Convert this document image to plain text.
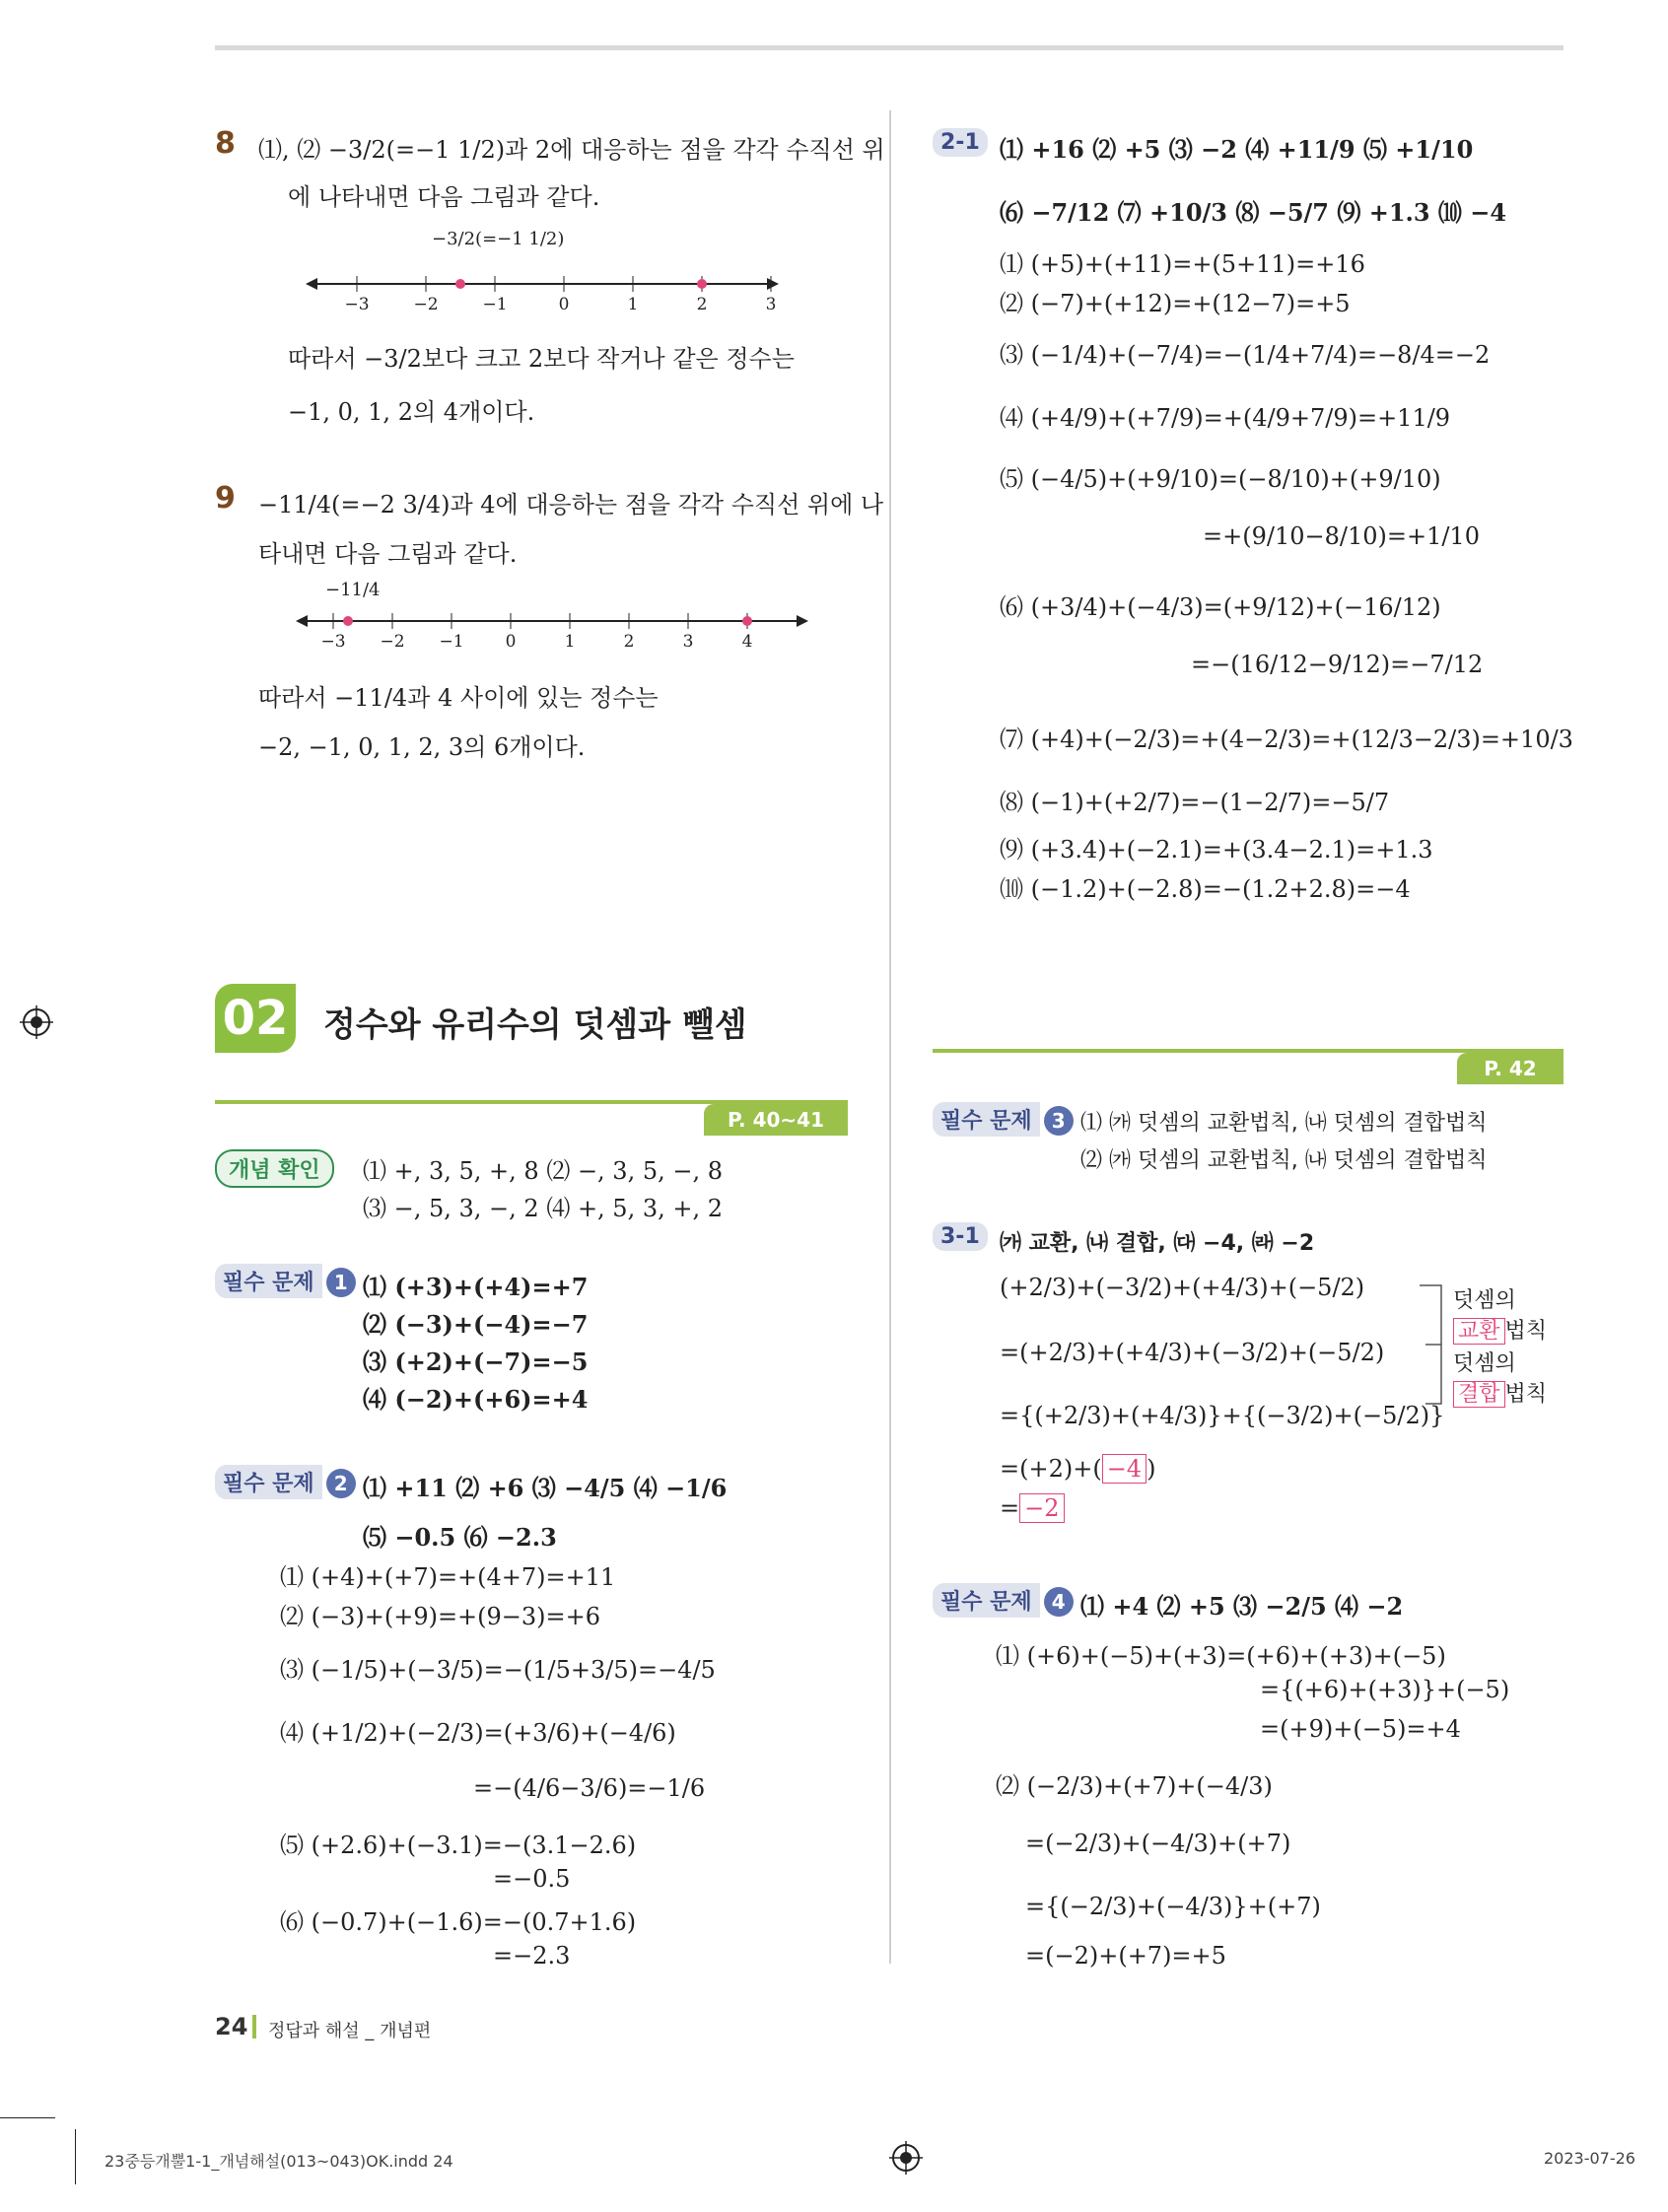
8 ⑴, ⑵ −3/2(=−1 1/2)과 2에 대응하는 점을 각각 수직선 위
에 나타내면 다음 그림과 같다.
−3/2(=−1 1/2)
−3	−2	−1	0	1	2	3
따라서 −3/2보다 크고 2보다 작거나 같은 정수는
−1, 0, 1, 2의 4개이다.
9 −11/4(=−2 3/4)과 4에 대응하는 점을 각각 수직선 위에 나
타내면 다음 그림과 같다.
−11/4
−3 −2 −1 0	1	2	3	4
따라서 −11/4과 4 사이에 있는 정수는
−2, −1, 0, 1, 2, 3의 6개이다.
02 정수와 유리수의 덧셈과 뺄셈
P. 40∼41
개념 확인	⑴ +, 3, 5, +, 8 ⑵ −, 3, 5, −, 8
⑶ −, 5, 3, −, 2 ⑷ +, 5, 3, +, 2
필수 문제 1 ⑴ (+3)+(+4)=+7
⑵ (−3)+(−4)=−7
⑶ (+2)+(−7)=−5
⑷ (−2)+(+6)=+4
필수 문제 2 ⑴ +11 ⑵ +6 ⑶ −4/5 ⑷ −1/6
⑸ −0.5 ⑹ −2.3
⑴ (+4)+(+7)=+(4+7)=+11
⑵ (−3)+(+9)=+(9−3)=+6
⑶ (−1/5)+(−3/5)=−(1/5+3/5)=−4/5
⑷ (+1/2)+(−2/3)=(+3/6)+(−4/6)
=−(4/6−3/6)=−1/6
⑸ (+2.6)+(−3.1)=−(3.1−2.6)
=−0.5
⑹ (−0.7)+(−1.6)=−(0.7+1.6)
=−2.3
2-1 ⑴ +16 ⑵ +5 ⑶ −2 ⑷ +11/9 ⑸ +1/10
⑹ −7/12 ⑺ +10/3 ⑻ −5/7 ⑼ +1.3 ⑽ −4
⑴ (+5)+(+11)=+(5+11)=+16
⑵ (−7)+(+12)=+(12−7)=+5
⑶ (−1/4)+(−7/4)=−(1/4+7/4)=−8/4=−2
⑷ (+4/9)+(+7/9)=+(4/9+7/9)=+11/9
⑸ (−4/5)+(+9/10)=(−8/10)+(+9/10)
=+(9/10−8/10)=+1/10
⑹ (+3/4)+(−4/3)=(+9/12)+(−16/12)
=−(16/12−9/12)=−7/12
⑺ (+4)+(−2/3)=+(4−2/3)=+(12/3−2/3)=+10/3
⑻ (−1)+(+2/7)=−(1−2/7)=−5/7
⑼ (+3.4)+(−2.1)=+(3.4−2.1)=+1.3
⑽ (−1.2)+(−2.8)=−(1.2+2.8)=−4
P. 42
필수 문제 3 ⑴ ㈎ 덧셈의 교환법칙, ㈏ 덧셈의 결합법칙
⑵ ㈎ 덧셈의 교환법칙, ㈏ 덧셈의 결합법칙
3-1 ㈎ 교환, ㈏ 결합, ㈐ −4, ㈑ −2
(+2/3)+(−3/2)+(+4/3)+(−5/2)
=(+2/3)+(+4/3)+(−3/2)+(−5/2)
={(+2/3)+(+4/3)}+{(−3/2)+(−5/2)}
=(+2)+( −4 )
= −2
덧셈의
교환 법칙
덧셈의
결합 법칙
필수 문제 4 ⑴ +4 ⑵ +5 ⑶ −2/5 ⑷ −2
⑴ (+6)+(−5)+(+3)=(+6)+(+3)+(−5)
={(+6)+(+3)}+(−5)
=(+9)+(−5)=+4
⑵ (−2/3)+(+7)+(−4/3)
=(−2/3)+(−4/3)+(+7)
={(−2/3)+(−4/3)}+(+7)
=(−2)+(+7)=+5
24 정답과 해설 _ 개념편
23중등개뿔1-1_개념해설(013~043)OK.indd 24	2023-07-26
